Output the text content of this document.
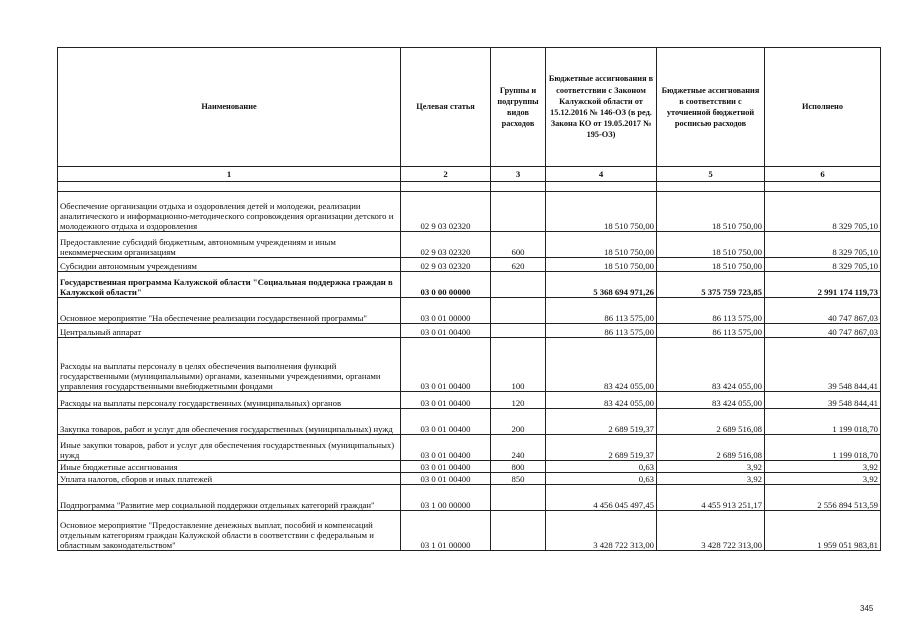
Наименование	Целевая статья	Группы и подгруппы видов расходов	Бюджетные ассигнования в соответствии с Законом Калужской области от 15.12.2016 № 146-ОЗ (в ред. Закона КО от 19.05.2017 № 195-ОЗ)	Бюджетные ассигнования в соответствии с уточненной бюджетной росписью расходов	Исполнено
1	2	3	4	5	6

Обеспечение организации отдыха и оздоровления детей и молодежи, реализации аналитического и информационно-методического сопровождения организации детского и молодежного отдыха и оздоровления	02 9 03 02320		18 510 750,00	18 510 750,00	8 329 705,10
Предоставление субсидий бюджетным, автономным учреждениям и иным некоммерческим организациям	02 9 03 02320	600	18 510 750,00	18 510 750,00	8 329 705,10
Субсидии автономным учреждениям	02 9 03 02320	620	18 510 750,00	18 510 750,00	8 329 705,10
Государственная программа Калужской области "Социальная поддержка граждан в Калужской области"	03 0 00 00000		5 368 694 971,26	5 375 759 723,85	2 991 174 119,73
Основное мероприятие "На обеспечение реализации государственной программы"	03 0 01 00000		86 113 575,00	86 113 575,00	40 747 867,03
Центральный аппарат	03 0 01 00400		86 113 575,00	86 113 575,00	40 747 867,03
Расходы на выплаты персоналу в целях обеспечения выполнения функций государственными (муниципальными) органами, казенными учреждениями, органами управления государственными внебюджетными фондами	03 0 01 00400	100	83 424 055,00	83 424 055,00	39 548 844,41
Расходы на выплаты персоналу государственных (муниципальных) органов	03 0 01 00400	120	83 424 055,00	83 424 055,00	39 548 844,41
Закупка товаров, работ и услуг для обеспечения государственных (муниципальных) нужд	03 0 01 00400	200	2 689 519,37	2 689 516,08	1 199 018,70
Иные закупки товаров, работ и услуг для обеспечения государственных (муниципальных) нужд	03 0 01 00400	240	2 689 519,37	2 689 516,08	1 199 018,70
Иные бюджетные ассигнования	03 0 01 00400	800	0,63	3,92	3,92
Уплата налогов, сборов и иных платежей	03 0 01 00400	850	0,63	3,92	3,92
Подпрограмма "Развитие мер социальной поддержки отдельных категорий граждан"	03 1 00 00000		4 456 045 497,45	4 455 913 251,17	2 556 894 513,59
Основное мероприятие "Предоставление денежных выплат, пособий и компенсаций отдельным категориям граждан Калужской области в соответствии с федеральным и областным законодательством"	03 1 01 00000		3 428 722 313,00	3 428 722 313,00	1 959 051 983,81
345
